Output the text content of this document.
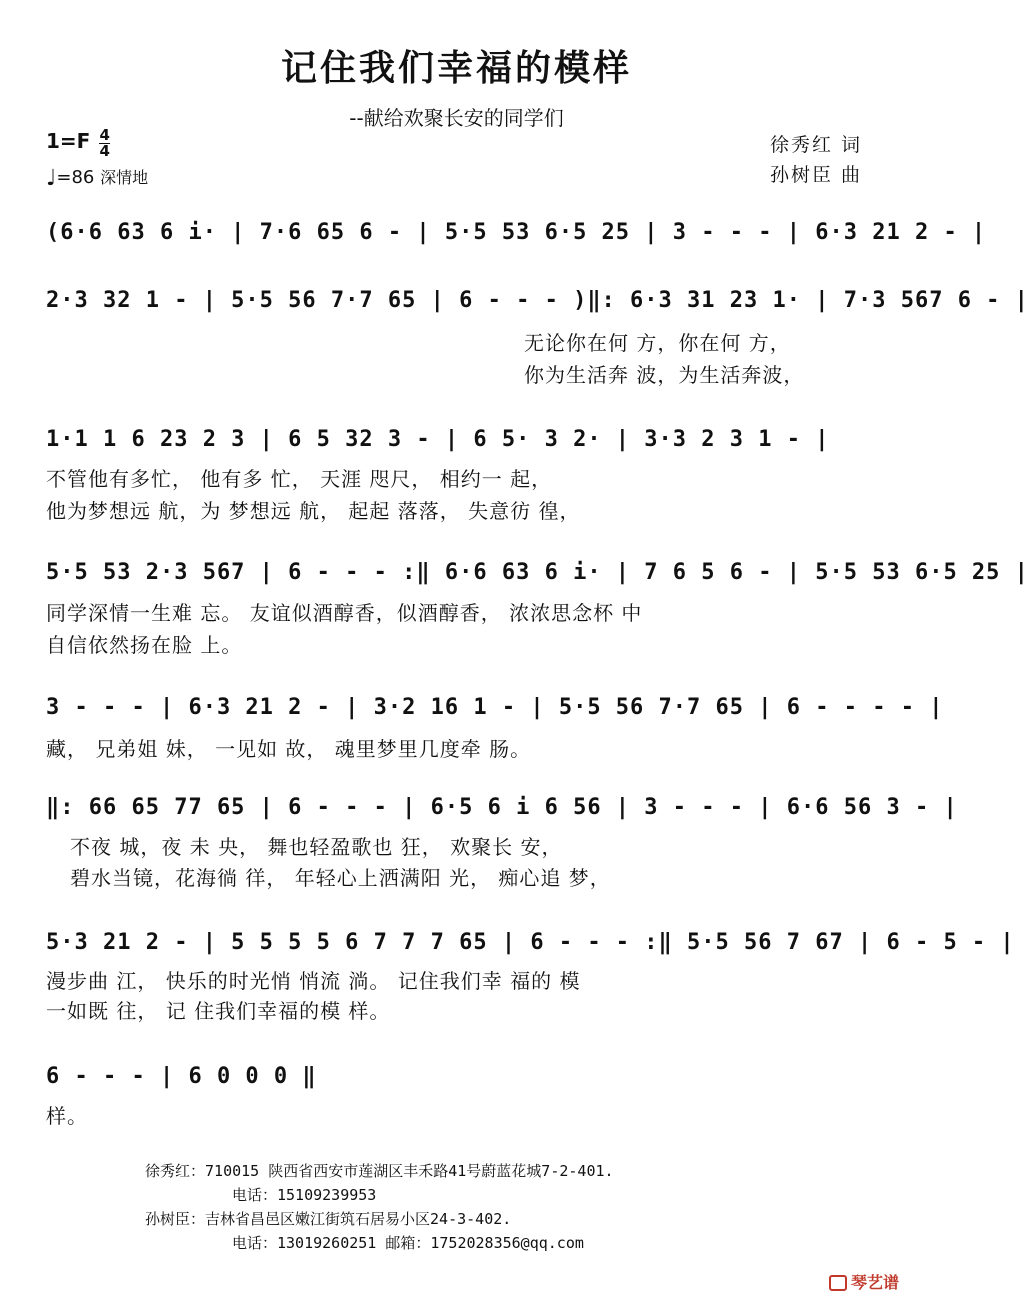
记住我们幸福的模样
--献给欢聚长安的同学们
$1=F \frac{4}{4}$
♩=86 深情地
徐秀红 词
孙树臣 曲
(6·6 63 6 i· | 7·6 65 6 - | 5·5 53 6·5 25 | 3 - - - | 6·3 21 2 - |
2·3 32 1 - | 5·5 56 7·7 65 | 6 - - - )‖: 6·3 31 23 1· | 7·3 567 6 - |
无论你在何 方，你在何 方，
你为生活奔 波，为生活奔波，
1·1 1 6 23 2 3 | 6 5 32 3 - | 6 5· 3 2· | 3·3 2 3 1 - |
不管他有多忙， 他有多 忙， 天涯 咫尺， 相约一 起，
他为梦想远 航，为 梦想远 航， 起起 落落， 失意彷 徨，
5·5 53 2·3 567 | 6 - - - :‖ 6·6 63 6 i· | 7 6 5 6 - | 5·5 53 6·5 25 |
同学深情一生难 忘。 友谊似酒醇香，似酒醇香， 浓浓思念杯 中
自信依然扬在脸 上。
3 - - - | 6·3 21 2 - | 3·2 16 1 - | 5·5 56 7·7 65 | 6 - - - - |
藏， 兄弟姐 妹， 一见如 故， 魂里梦里几度牵 肠。
‖: 66 65 77 65 | 6 - - - | 6·5 6 i 6 56 | 3 - - - | 6·6 56 3 - |
不夜 城，夜 未 央， 舞也轻盈歌也 狂， 欢聚长 安，
碧水当镜，花海徜 徉， 年轻心上洒满阳 光， 痴心追 梦，
5·3 21 2 - | 5 5 5 5 6 7 7 7 65 | 6 - - - :‖ 5·5 56 7 67 | 6 - 5 - |
漫步曲 江， 快乐的时光悄 悄流 淌。 记住我们幸 福的 模
一如既 往， 记 住我们幸福的模 样。
6 - - - | 6 0 0 0 ‖
样。
徐秀红：710015 陕西省西安市莲湖区丰禾路41号蔚蓝花城7-2-401.
电话：15109239953
孙树臣：吉林省昌邑区嫩江街筑石居易小区24-3-402.
电话：13019260251 邮箱：1752028356@qq.com
琴艺谱
